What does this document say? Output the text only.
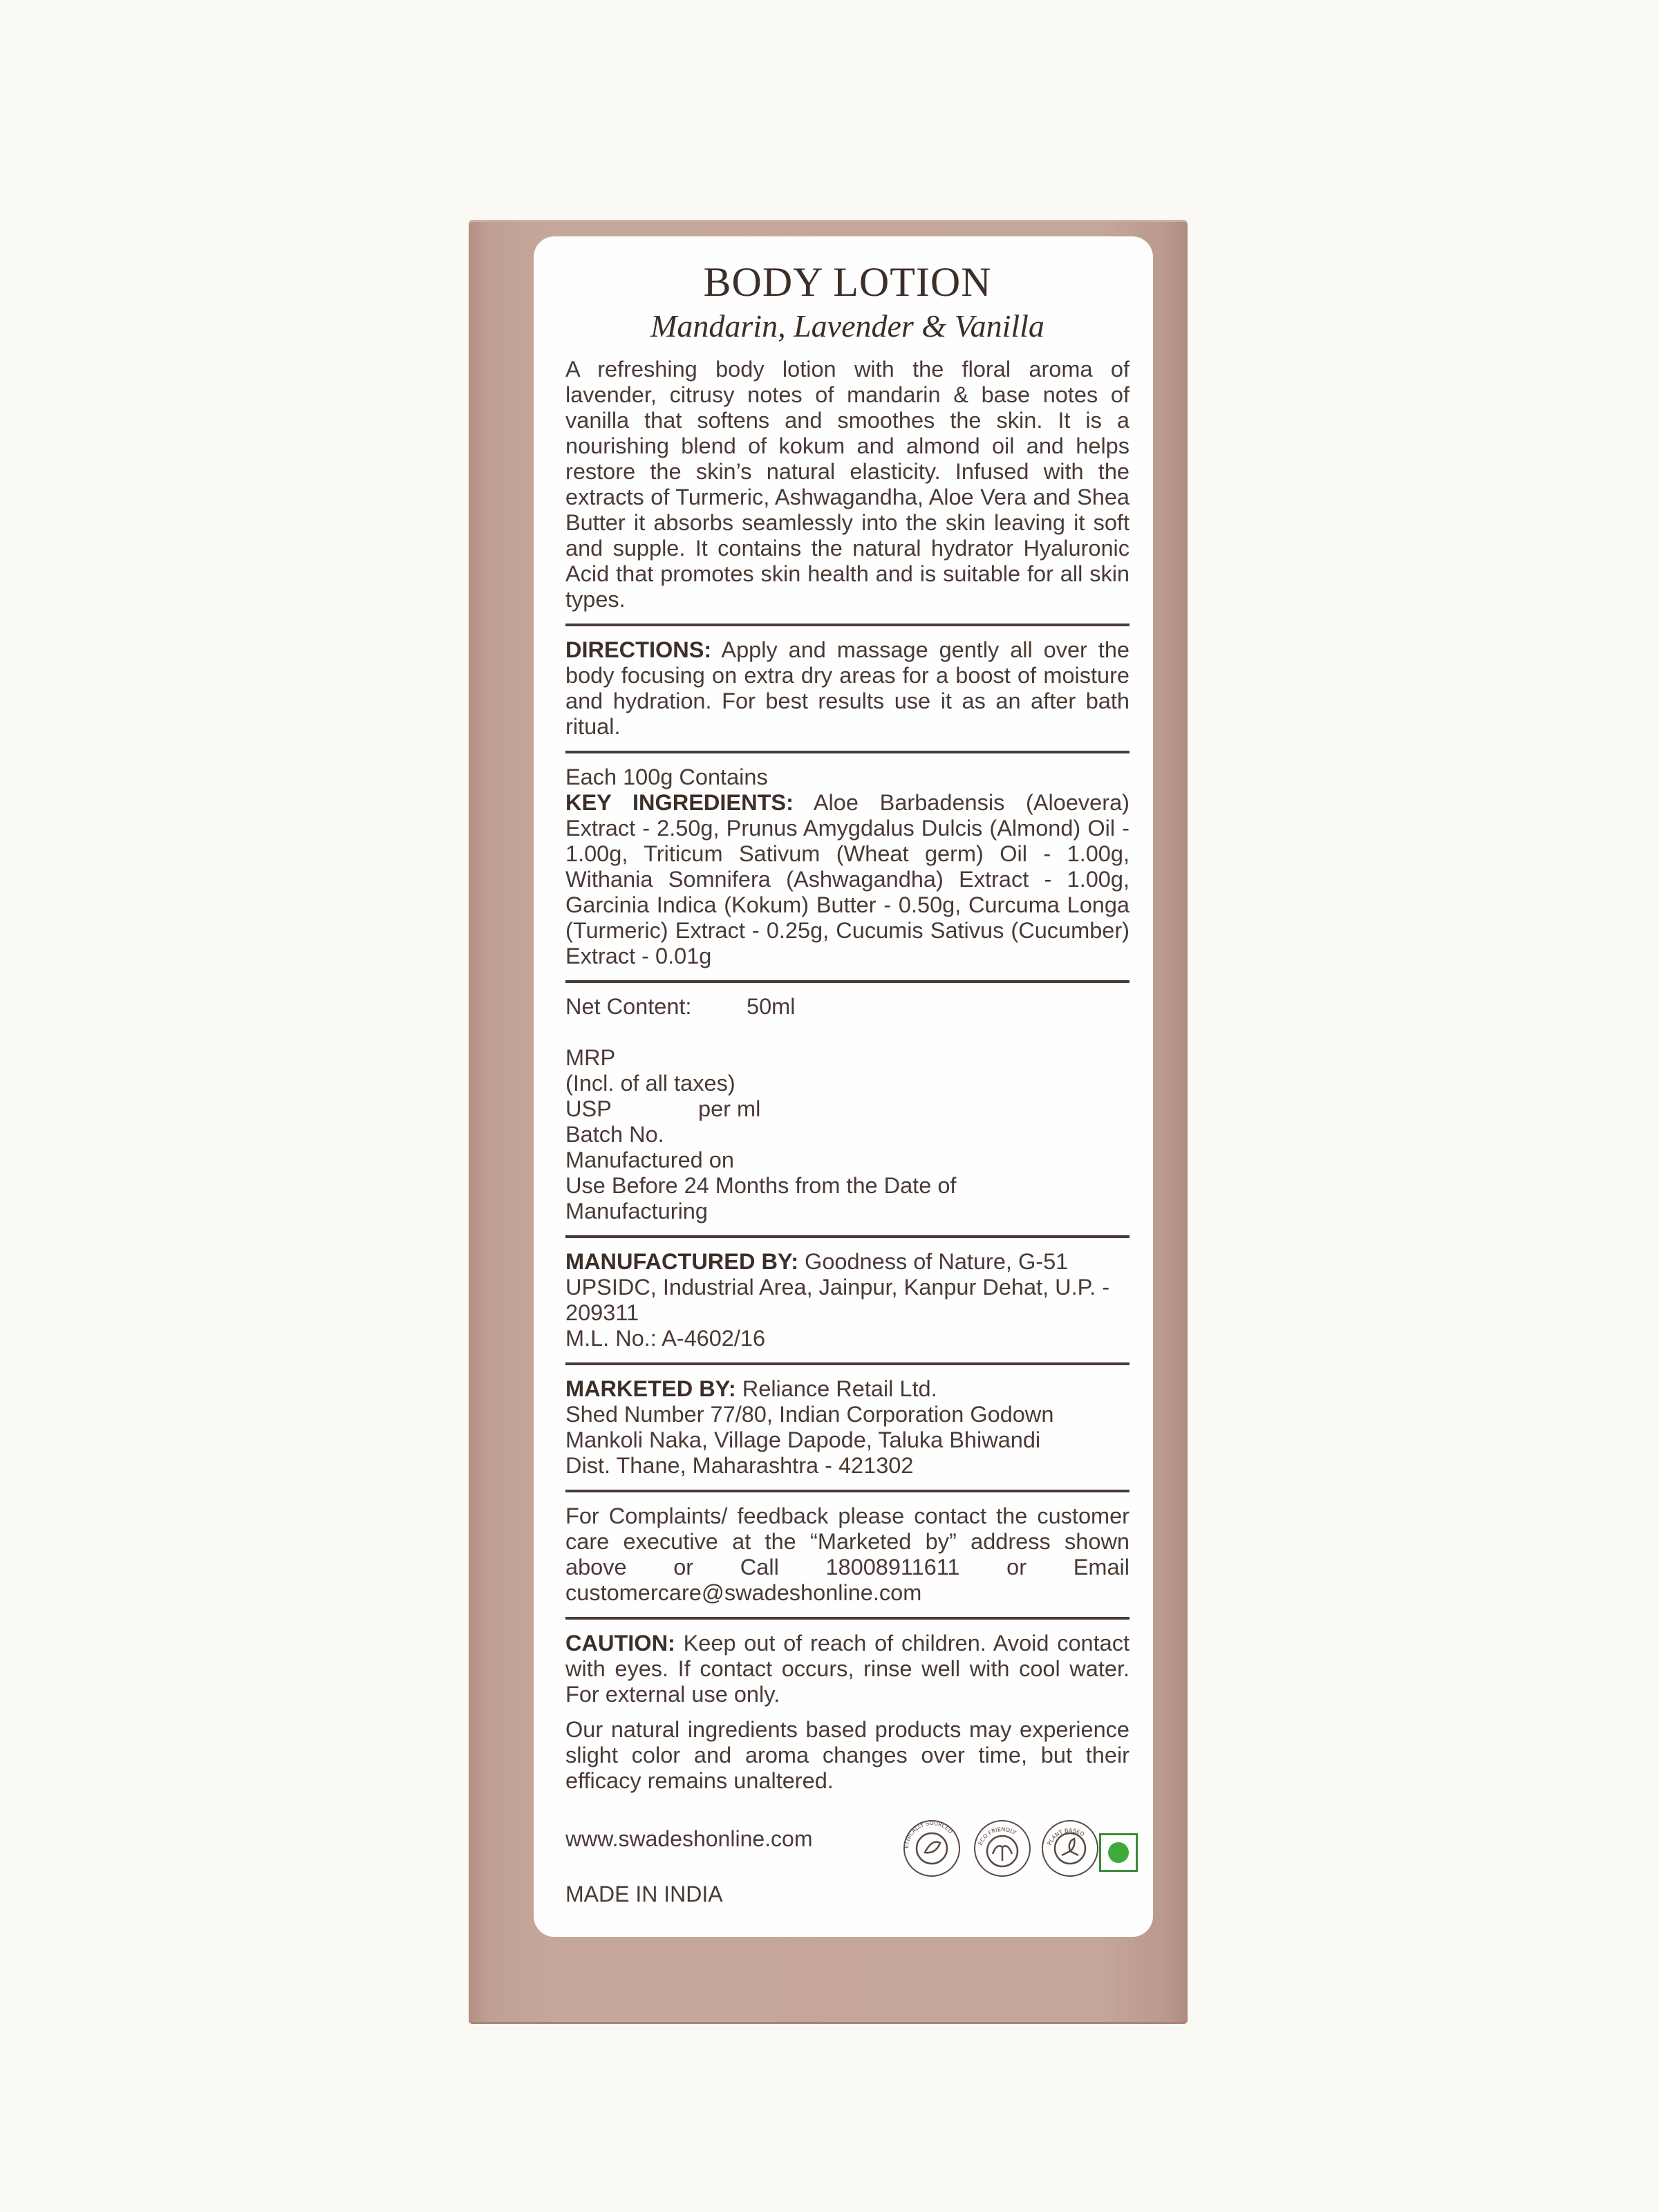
BODY LOTION
Mandarin, Lavender & Vanilla

A refreshing body lotion with the floral aroma of lavender, citrusy notes of mandarin & base notes of vanilla that softens and smoothes the skin. It is a nourishing blend of kokum and almond oil and helps restore the skin’s natural elasticity. Infused with the extracts of Turmeric, Ashwagandha, Aloe Vera and Shea Butter it absorbs seamlessly into the skin leaving it soft and supple. It contains the natural hydrator Hyaluronic Acid that promotes skin health and is suitable for all skin types.

DIRECTIONS: Apply and massage gently all over the body focusing on extra dry areas for a boost of moisture and hydration. For best results use it as an after bath ritual.

Each 100g Contains

KEY INGREDIENTS: Aloe Barbadensis (Aloevera) Extract - 2.50g, Prunus Amygdalus Dulcis (Almond) Oil - 1.00g, Triticum Sativum (Wheat germ) Oil - 1.00g, Withania Somnifera (Ashwagandha) Extract - 1.00g, Garcinia Indica (Kokum) Butter - 0.50g, Curcuma Longa (Turmeric) Extract - 0.25g, Cucumis Sativus (Cucumber) Extract - 0.01g

Net Content:	50ml

MRP

(Incl. of all taxes)

USP	per ml

Batch No.

Manufactured on

Use Before 24 Months from the Date of

Manufacturing

MANUFACTURED BY: Goodness of Nature, G-51 UPSIDC, Industrial Area, Jainpur, Kanpur Dehat, U.P. - 209311

M.L. No.: A-4602/16

MARKETED BY: Reliance Retail Ltd.

Shed Number 77/80, Indian Corporation Godown

Mankoli Naka, Village Dapode, Taluka Bhiwandi

Dist. Thane, Maharashtra - 421302

For Complaints/ feedback please contact the customer care executive at the “Marketed by” address shown above or Call 18008911611 or Email customercare@swadeshonline.com

CAUTION: Keep out of reach of children. Avoid contact with eyes. If contact occurs, rinse well with cool water. For external use only.

Our natural ingredients based products may experience slight color and aroma changes over time, but their efficacy remains unaltered.

www.swadeshonline.com
MADE IN INDIA
ETHICALLY SOURCED
ECO FRIENDLY
PLANT BASED
